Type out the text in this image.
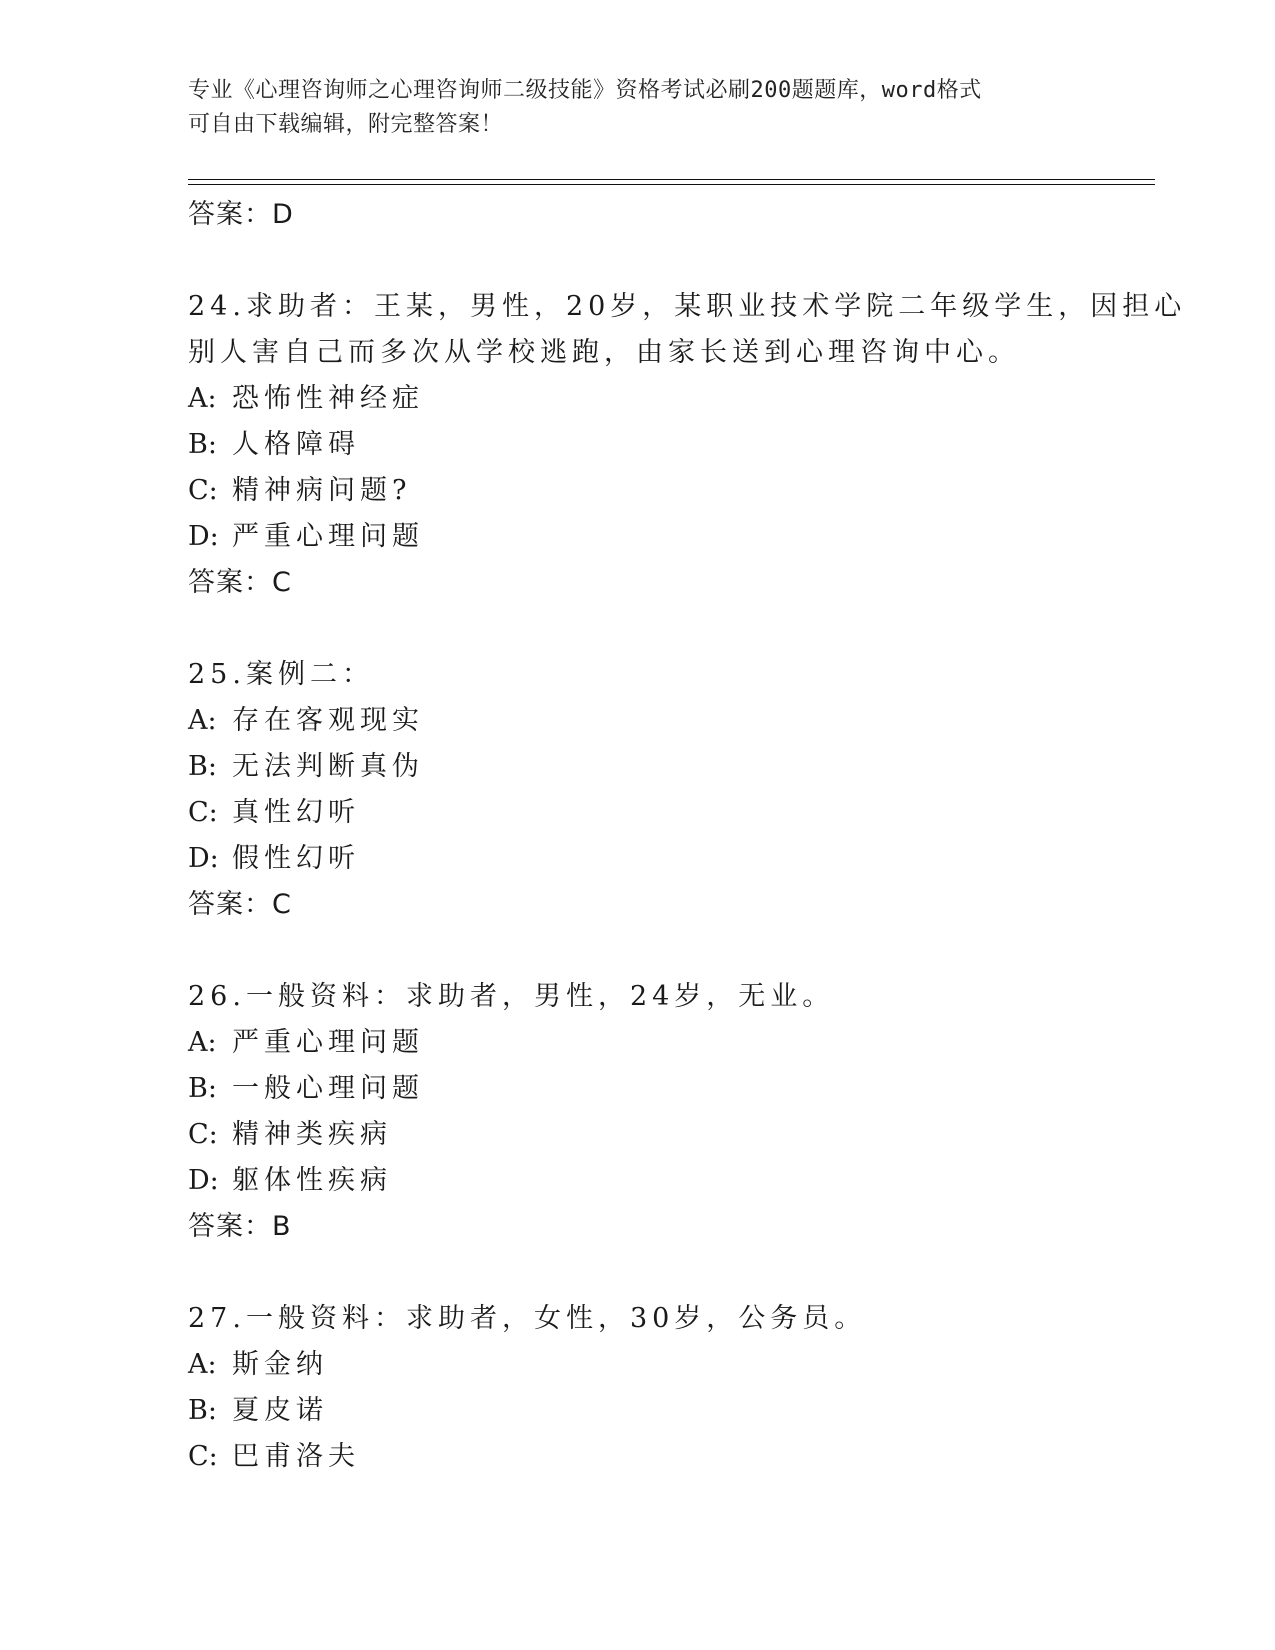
专业《心理咨询师之心理咨询师二级技能》资格考试必刷200题题库，word格式
可自由下载编辑，附完整答案！
答案：D
24.求助者：王某，男性，20岁，某职业技术学院二年级学生，因担心
别人害自己而多次从学校逃跑，由家长送到心理咨询中心。
A: 恐怖性神经症
B: 人格障碍
C: 精神病问题?
D: 严重心理问题
答案：C
25.案例二：
A: 存在客观现实
B: 无法判断真伪
C: 真性幻听
D: 假性幻听
答案：C
26.一般资料：求助者，男性，24岁，无业。
A: 严重心理问题
B: 一般心理问题
C: 精神类疾病
D: 躯体性疾病
答案：B
27.一般资料：求助者，女性，30岁，公务员。
A: 斯金纳
B: 夏皮诺
C: 巴甫洛夫
